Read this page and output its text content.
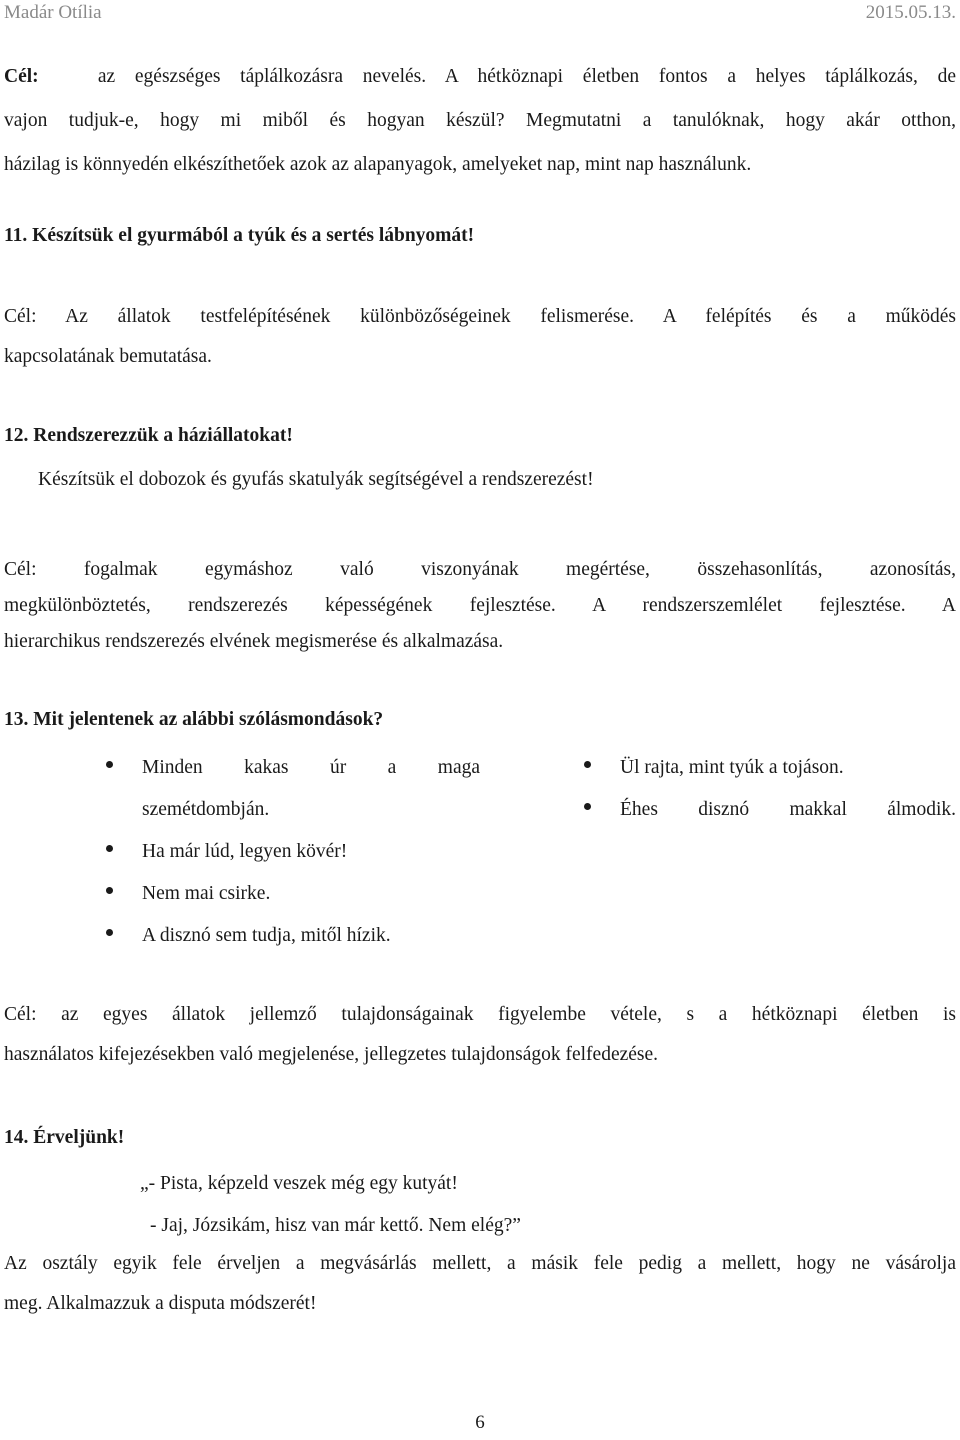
Madár Otília	2015.05.13.
Cél:	az egészséges táplálkozásra nevelés. A hétköznapi életben fontos a helyes táplálkozás, de
vajon tudjuk-e, hogy mi miből és hogyan készül? Megmutatni a tanulóknak, hogy akár otthon,
házilag is könnyedén elkészíthetőek azok az alapanyagok, amelyeket nap, mint nap használunk.
11. Készítsük el gyurmából a tyúk és a sertés lábnyomát!
Cél: Az állatok testfelépítésének különbözőségeinek felismerése. A felépítés és a működés
kapcsolatának bemutatása.
12. Rendszerezzük a háziállatokat!
Készítsük el dobozok és gyufás skatulyák segítségével a rendszerezést!
Cél: fogalmak egymáshoz való viszonyának megértése, összehasonlítás, azonosítás,
megkülönböztetés, rendszerezés képességének fejlesztése. A rendszerszemlélet fejlesztése. A
hierarchikus rendszerezés elvének megismerése és alkalmazása.
13. Mit jelentenek az alábbi szólásmondások?
Minden kakas úr a maga
szemétdombján.
Ha már lúd, legyen kövér!
Nem mai csirke.
A disznó sem tudja, mitől hízik.
Ül rajta, mint tyúk a tojáson.
Éhes disznó makkal álmodik.
Cél: az egyes állatok jellemző tulajdonságainak figyelembe vétele, s a hétköznapi életben is
használatos kifejezésekben való megjelenése, jellegzetes tulajdonságok felfedezése.
14. Érveljünk!
„- Pista, képzeld veszek még egy kutyát!
- Jaj, Józsikám, hisz van már kettő. Nem elég?”
Az osztály egyik fele érveljen a megvásárlás mellett, a másik fele pedig a mellett, hogy ne vásárolja
meg. Alkalmazzuk a disputa módszerét!
6
